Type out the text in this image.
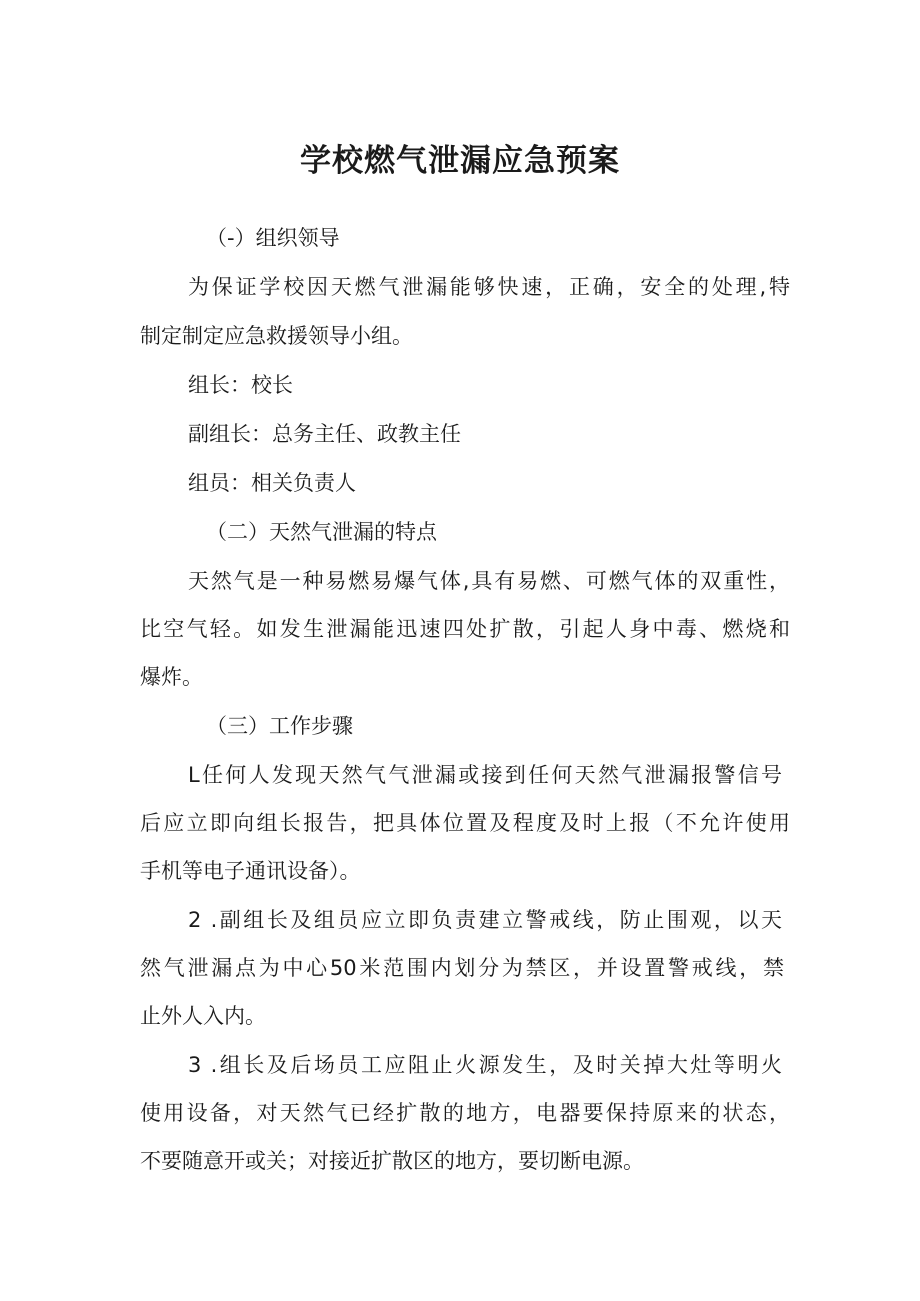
学校燃气泄漏应急预案

（-）组织领导

为保证学校因天燃气泄漏能够快速，正确，安全的处理,特

制定制定应急救援领导小组。

组长：校长

副组长：总务主任、政教主任

组员：相关负责人

（二）天然气泄漏的特点

天然气是一种易燃易爆气体,具有易燃、可燃气体的双重性，

比空气轻。如发生泄漏能迅速四处扩散，引起人身中毒、燃烧和

爆炸。

（三）工作步骤

L任何人发现天然气气泄漏或接到任何天然气泄漏报警信号

后应立即向组长报告，把具体位置及程度及时上报（不允许使用

手机等电子通讯设备）。

2 .副组长及组员应立即负责建立警戒线，防止围观，以天

然气泄漏点为中心50米范围内划分为禁区，并设置警戒线，禁

止外人入内。

3 .组长及后场员工应阻止火源发生，及时关掉大灶等明火

使用设备，对天然气已经扩散的地方，电器要保持原来的状态，

不要随意开或关；对接近扩散区的地方，要切断电源。
